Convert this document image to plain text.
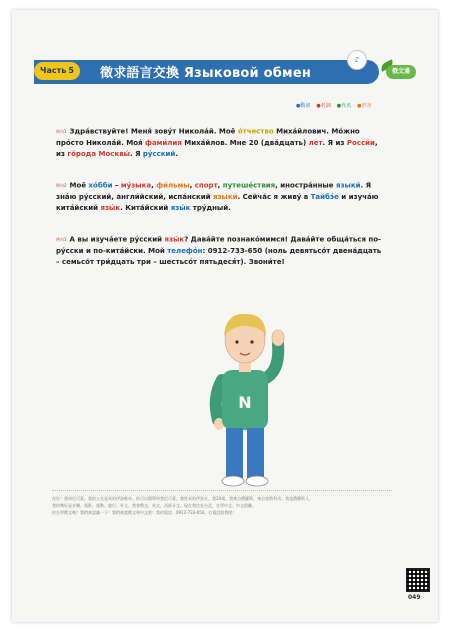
Часть 5 徵求語言交換 Языковой обмен
♪
俄文通
●動詞 ●名詞 ●代名 ●形容
例句1 Здра́вствуйте! Меня́ зову́т Никола́й. Моё о́тчество Миха́йлович. Мо́жно про́сто Никола́й. Моя́ фами́лия Миха́йлов. Мне 20 (два́дцать) лет. Я из Росси́и, из го́рода Москвы́. Я ру́сский.
例句2 Моё хо́бби – му́зыка, фи́льмы, спорт, путеше́ствия, иностра́нные языки́. Я зна́ю ру́сский, англи́йский, испа́нский языки́. Сейча́с я живу́ в Тайбэ́е и изуча́ю кита́йский язы́к. Кита́йский язы́к тру́дный.
例句3 А вы изуча́ете ру́сский язы́к? Дава́йте познако́мимся! Дава́йте обща́ться по-ру́сски и по-кита́йски. Мой телефо́н: 0912-733-650 (ноль девятьсо́т двена́дцать – семьсо́т три́дцать три – шестьсо́т пятьдеся́т). Звони́те!
N
你好！我叫尼可萊。我的父名是米哈伊洛維奇。你可以簡單叫我尼可萊。我姓米哈伊洛夫。我20歲。我來自俄羅斯，來自莫斯科市。我是俄羅斯人。
我的嗜好是音樂、電影、運動、旅行、外文。我會俄文、英文、西班牙文。現在我住在台北，在學中文。中文很難。
你在學俄文嗎？我們來認識一下！我們來說俄文和中文吧！我的電話：0912-733-650。打電話給我吧！
049
